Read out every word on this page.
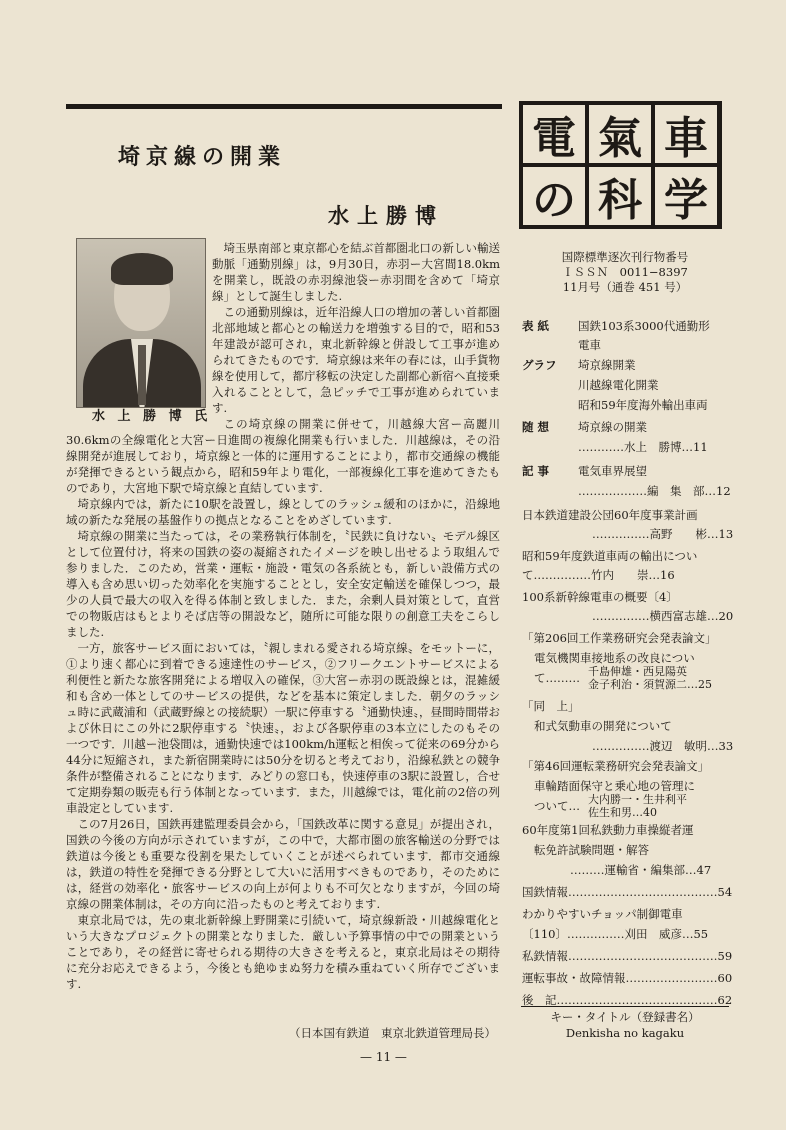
埼京線の開業
水上勝博
水 上 勝 博 氏

埼玉県南部と東京都心を結ぶ首都圏北口の新しい輸送動脈「通勤別線」は，9月30日，赤羽ー大宮間18.0kmを開業し，既設の赤羽線池袋ー赤羽間を含めて「埼京線」として誕生しました.

この通勤別線は，近年沿線人口の増加の著しい首都圏北部地域と都心との輸送力を増強する目的で，昭和53年建設が認可され，東北新幹線と併設して工事が進められてきたものです．埼京線は来年の春には，山手貨物線を使用して，都庁移転の決定した副都心新宿へ直接乗入れることとして，急ピッチで工事が進められています.

この埼京線の開業に併せて，川越線大宮ー高麗川30.6kmの全線電化と大宮ー日進間の複線化開業も行いました．川越線は，その沿線開発が進展しており，埼京線と一体的に運用することにより，都市交通線の機能が発揮できるという観点から，昭和59年より電化，一部複線化工事を進めてきたものであり，大宮地下駅で埼京線と直結しています.

埼京線内では，新たに10駅を設置し，線としてのラッシュ緩和のほかに，沿線地域の新たな発展の基盤作りの拠点となることをめざしています.

埼京線の開業に当たっては，その業務執行体制を，〝民鉄に負けない〟モデル線区として位置付け，将来の国鉄の姿の凝縮されたイメージを映し出せるよう取組んで参りました．このため，営業・運転・施設・電気の各系統とも，新しい設備方式の導入も含め思い切った効率化を実施することとし，安全安定輸送を確保しつつ，最少の人員で最大の収入を得る体制と致しました．また，余剰人員対策として，直営での物販店はもとよりそば店等の開設など，随所に可能な限りの創意工夫をこらしました.

一方，旅客サービス面においては，〝親しまれる愛される埼京線〟をモットーに，①より速く都心に到着できる速達性のサービス，②フリークエントサービスによる利便性と新たな旅客開発による増収入の確保，③大宮ー赤羽の既設線とは，混雑緩和も含め一体としてのサービスの提供，などを基本に策定しました．朝夕のラッシュ時に武蔵浦和（武蔵野線との接続駅）一駅に停車する〝通勤快速〟，昼間時間帯および休日にこの外に2駅停車する〝快速〟，および各駅停車の3本立にしたのもその一つです．川越ー池袋間は，通勤快速では100km/h運転と相俟って従来の69分から44分に短縮され，また新宿開業時には50分を切ると考えており，沿線私鉄との競争条件が整備されることになります．みどりの窓口も，快速停車の3駅に設置し，合せて定期券類の販売も行う体制となっています．また，川越線では，電化前の2倍の列車設定としています.

この7月26日，国鉄再建監理委員会から，「国鉄改革に関する意見」が提出され，国鉄の今後の方向が示されていますが，この中で，大都市圏の旅客輸送の分野では鉄道は今後とも重要な役割を果たしていくことが述べられています．都市交通線は，鉄道の特性を発揮できる分野として大いに活用すべきものであり，そのためには，経営の効率化・旅客サービスの向上が何よりも不可欠となりますが，今回の埼京線の開業体制は，その方向に沿ったものと考えております.

東京北局では，先の東北新幹線上野開業に引続いて，埼京線新設・川越線電化という大きなプロジェクトの開業となりました．厳しい予算事情の中での開業ということであり，その経営に寄せられる期待の大きさを考えると，東京北局はその期待に充分お応えできるよう，今後とも絶ゆまぬ努力を積み重ねていく所存でございます.

（日本国有鉄道　東京北鉄道管理局長）
— 11 —
電 氣 車
の 科 学
国際標準逐次刊行物番号
ＩＳＳＮ　0011−8397
11月号（通巻 451 号）
表 紙	国鉄103系3000代通勤形
電車
グラフ 埼京線開業
川越線電化開業
昭和59年度海外輸出車両
随 想	埼京線の開業
…………水上　勝博…11
記 事	電気車界展望
………………編　集　部…12
日本鉄道建設公団60年度事業計画
……………高野　　彬…13
昭和59年度鉄道車両の輸出につい
て……………竹内　　崇…16
100系新幹線電車の概要〔4〕
……………横西富志雄…20
「第206回工作業務研究会発表論文」
電気機関車接地系の改良につい
て……… 千島伸雄・西見陽英
金子利治・須賀源二…25
「同　上」
和式気動車の開発について
……………渡辺　敏明…33
「第46回運転業務研究会発表論文」
車輪踏面保守と乗心地の管理に
ついて… 大内勝一・生井利平
佐生和男…40
60年度第1回私鉄動力車操縦者運
転免許試験問題・解答
………運輸省・編集部…47
国鉄情報…………………………………54
わかりやすいチョッパ制御電車
〔110〕……………刈田　威彦…55
私鉄情報…………………………………59
運転事故・故障情報……………………60
後　記……………………………………62
キー・タイトル（登録書名）
Denkisha no kagaku
